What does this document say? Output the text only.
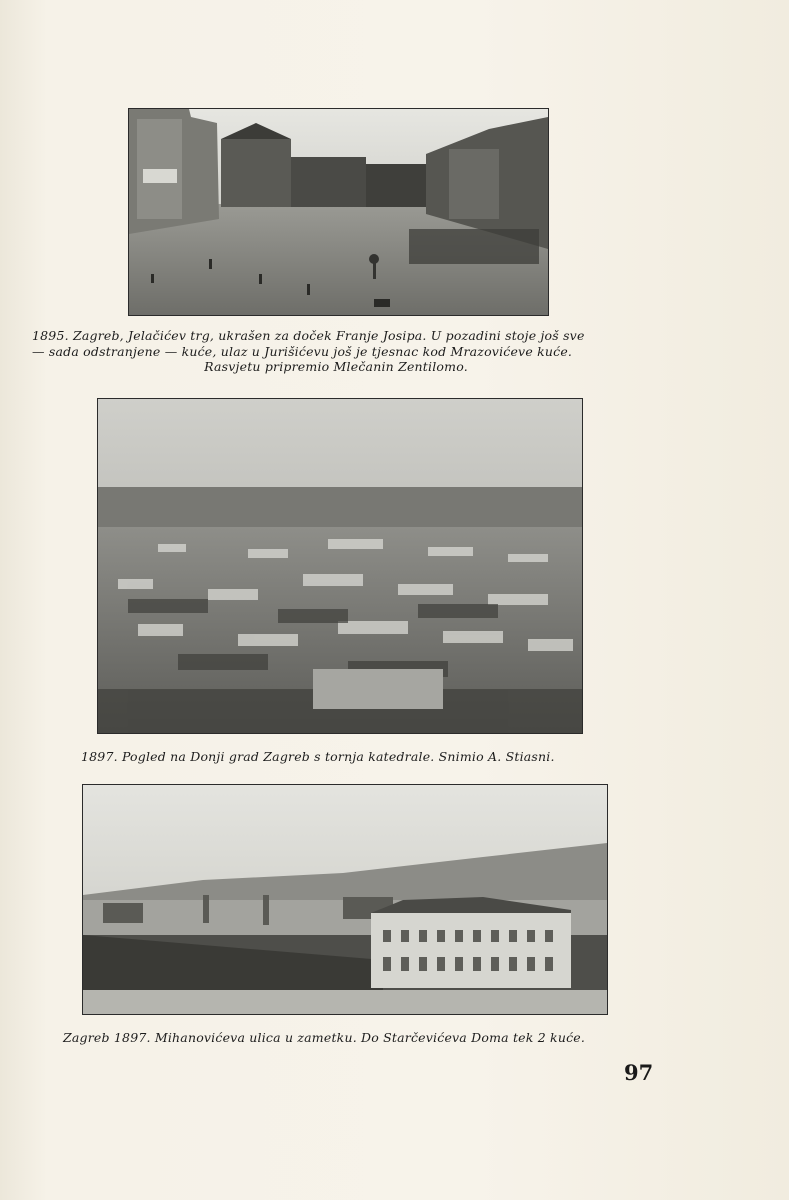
1895. Zagreb, Jelačićev trg, ukrašen za doček Franje Josipa. U pozadini stoje još sve
— sada odstranjene — kuće, ulaz u Jurišićevu još je tjesnac kod Mrazovićeve kuće.
Rasvjetu pripremio Mlečanin Zentilomo.
1897. Pogled na Donji grad Zagreb s tornja katedrale. Snimio A. Stiasni.
Zagreb 1897. Mihanovićeva ulica u zametku. Do Starčevićeva Doma tek 2 kuće.
97
